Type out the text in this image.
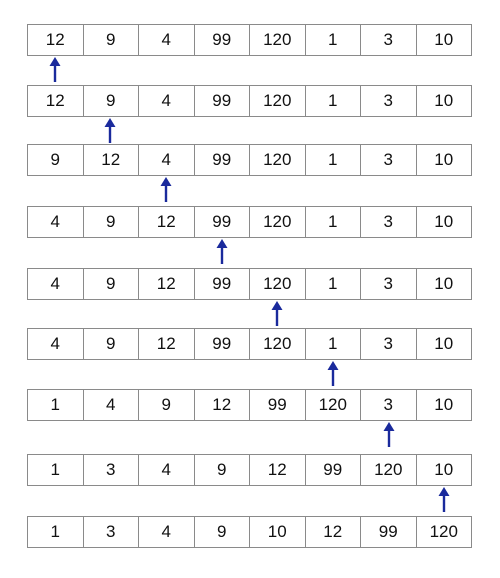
12	9	4	99	120	1	3	10
12	9	4	99	120	1	3	10
9	12	4	99	120	1	3	10
4	9	12	99	120	1	3	10
4	9	12	99	120	1	3	10
4	9	12	99	120	1	3	10
1	4	9	12	99	120	3	10
1	3	4	9	12	99	120	10
1	3	4	9	10	12	99	120
